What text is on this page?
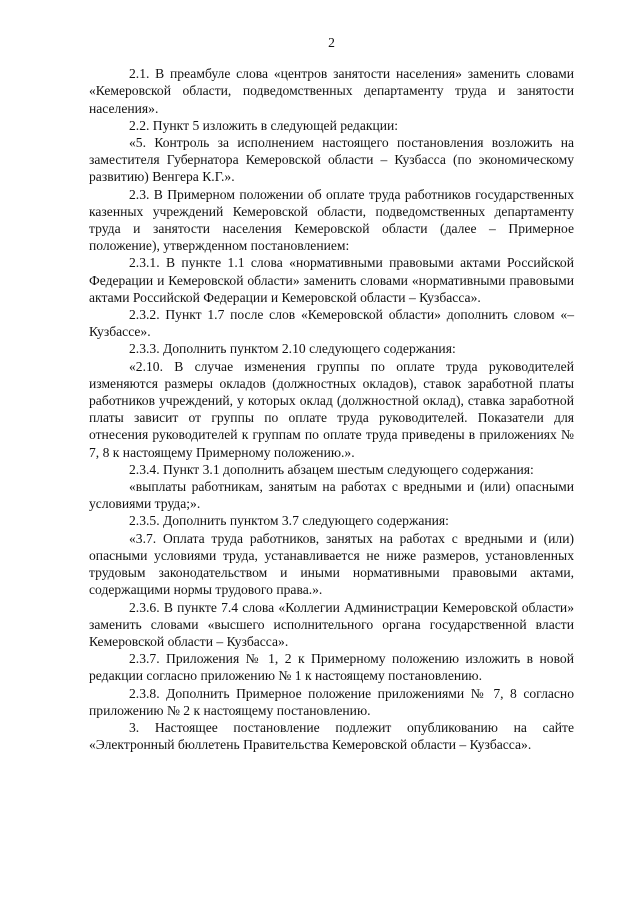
2

2.1. В преамбуле слова «центров занятости населения» заменить словами «Кемеровской области, подведомственных департаменту труда и занятости населения».

2.2. Пункт 5 изложить в следующей редакции:

«5. Контроль за исполнением настоящего постановления возложить на заместителя Губернатора Кемеровской области – Кузбасса (по экономическому развитию) Венгера К.Г.».

2.3. В Примерном положении об оплате труда работников государственных казенных учреждений Кемеровской области, подведомственных департаменту труда и занятости населения Кемеровской области (далее – Примерное положение), утвержденном постановлением:

2.3.1. В пункте 1.1 слова «нормативными правовыми актами Российской Федерации и Кемеровской области» заменить словами «нормативными правовыми актами Российской Федерации и Кемеровской области – Кузбасса».

2.3.2. Пункт 1.7 после слов «Кемеровской области» дополнить словом «– Кузбассе».

2.3.3. Дополнить пунктом 2.10 следующего содержания:

«2.10. В случае изменения группы по оплате труда руководителей изменяются размеры окладов (должностных окладов), ставок заработной платы работников учреждений, у которых оклад (должностной оклад), ставка заработной платы зависит от группы по оплате труда руководителей. Показатели для отнесения руководителей к группам по оплате труда приведены в приложениях № 7, 8 к настоящему Примерному положению.».

2.3.4. Пункт 3.1 дополнить абзацем шестым следующего содержания:

«выплаты работникам, занятым на работах с вредными и (или) опасными условиями труда;».

2.3.5. Дополнить пунктом 3.7 следующего содержания:

«3.7. Оплата труда работников, занятых на работах с вредными и (или) опасными условиями труда, устанавливается не ниже размеров, установленных трудовым законодательством и иными нормативными правовыми актами, содержащими нормы трудового права.».

2.3.6. В пункте 7.4 слова «Коллегии Администрации Кемеровской области» заменить словами «высшего исполнительного органа государственной власти Кемеровской области – Кузбасса».

2.3.7. Приложения № 1, 2 к Примерному положению изложить в новой редакции согласно приложению № 1 к настоящему постановлению.

2.3.8. Дополнить Примерное положение приложениями № 7, 8 согласно приложению № 2 к настоящему постановлению.

3. Настоящее постановление подлежит опубликованию на сайте «Электронный бюллетень Правительства Кемеровской области – Кузбасса».
